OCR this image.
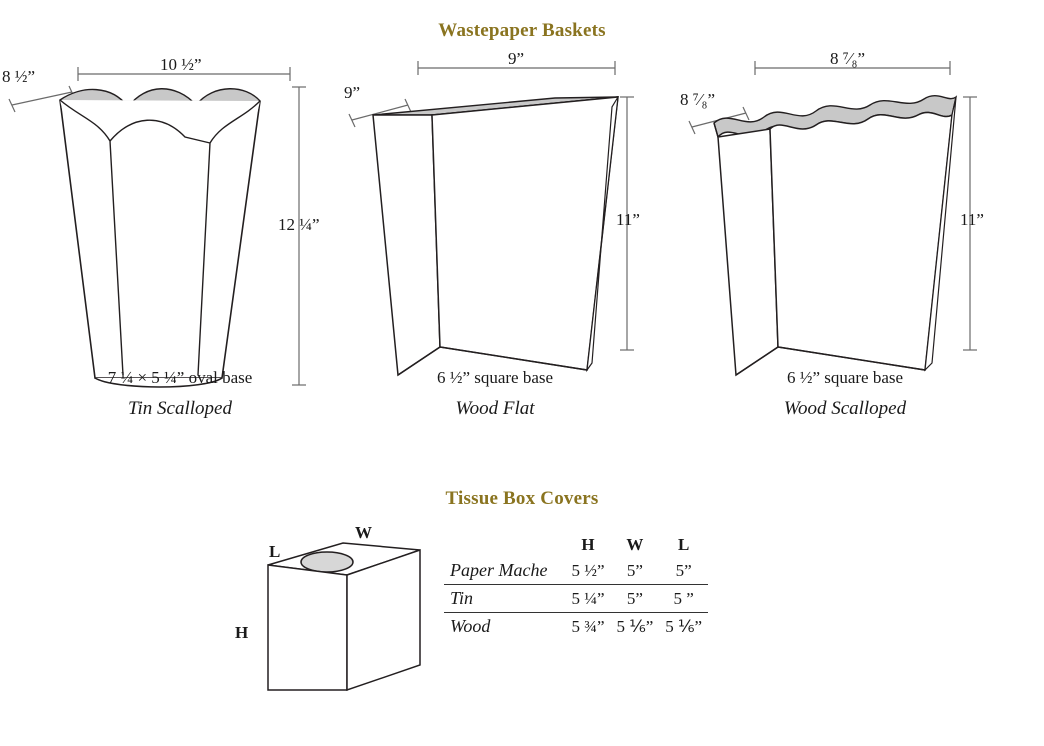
Wastepaper Baskets
10 ½”
8 ½”
12 ¼”
7 ¼ × 5 ¼” oval base
Tin Scalloped
9”
9”
11”
6 ½” square base
Wood Flat
8 ⁷⁄₈”
8 ⁷⁄₈”
11”
6 ½” square base
Wood Scalloped
Tissue Box Covers
W
L
H
	H	W	L
Paper Mache	5 ½”	5”	5”
Tin	5 ¼”	5”	5 ”
Wood	5 ¾”	5 ⅙”	5 ⅙”
